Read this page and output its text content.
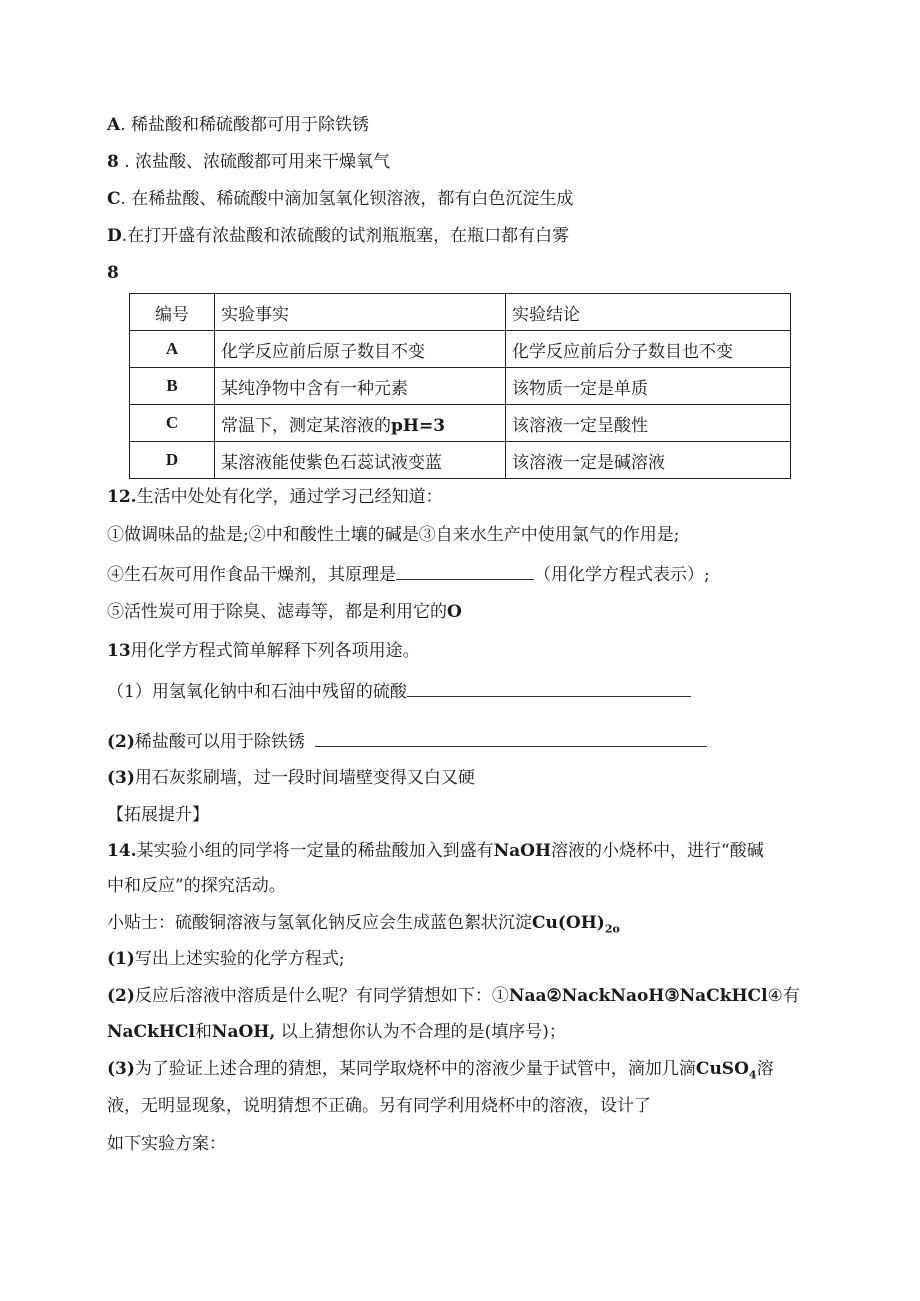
A. 稀盐酸和稀硫酸都可用于除铁锈
8 . 浓盐酸、浓硫酸都可用来干燥氧气
C. 在稀盐酸、稀硫酸中滴加氢氧化钡溶液，都有白色沉淀生成
D.在打开盛有浓盐酸和浓硫酸的试剂瓶瓶塞，在瓶口都有白雾
8
编号	实验事实	实验结论
A	化学反应前后原子数目不变	化学反应前后分子数目也不变
B	某纯净物中含有一种元素	该物质一定是单质
C	常温下，测定某溶液的pH=3	该溶液一定呈酸性
D	某溶液能使紫色石蕊试液变蓝	该溶液一定是碱溶液
12.生活中处处有化学，通过学习己经知道：
①做调味品的盐是;②中和酸性土壤的碱是③自来水生产中使用氯气的作用是;
④生石灰可用作食品干燥剂，其原理是	（用化学方程式表示）;
⑤活性炭可用于除臭、滤毒等，都是利用它的O
13用化学方程式简单解释下列各项用途。
（1）用氢氧化钠中和石油中残留的硫酸
(2)稀盐酸可以用于除铁锈
(3)用石灰浆刷墙，过一段时间墙壁变得又白又硬
【拓展提升】
14.某实验小组的同学将一定量的稀盐酸加入到盛有NaOH溶液的小烧杯中，进行“酸碱
中和反应”的探究活动。
小贴士：硫酸铜溶液与氢氧化钠反应会生成蓝色絮状沉淀$Cu(OH)_{2o}$
(1)写出上述实验的化学方程式;
(2)反应后溶液中溶质是什么呢？有同学猜想如下：①Naa②NackNaoH③NaCkHCl④有
NaCkHCl和NaOH, 以上猜想你认为不合理的是(填序号)；
(3)为了验证上述合理的猜想，某同学取烧杯中的溶液少量于试管中，滴加几滴CuSO$_4$溶
液，无明显现象，说明猜想不正确。另有同学利用烧杯中的溶液，设计了
如下实验方案：
